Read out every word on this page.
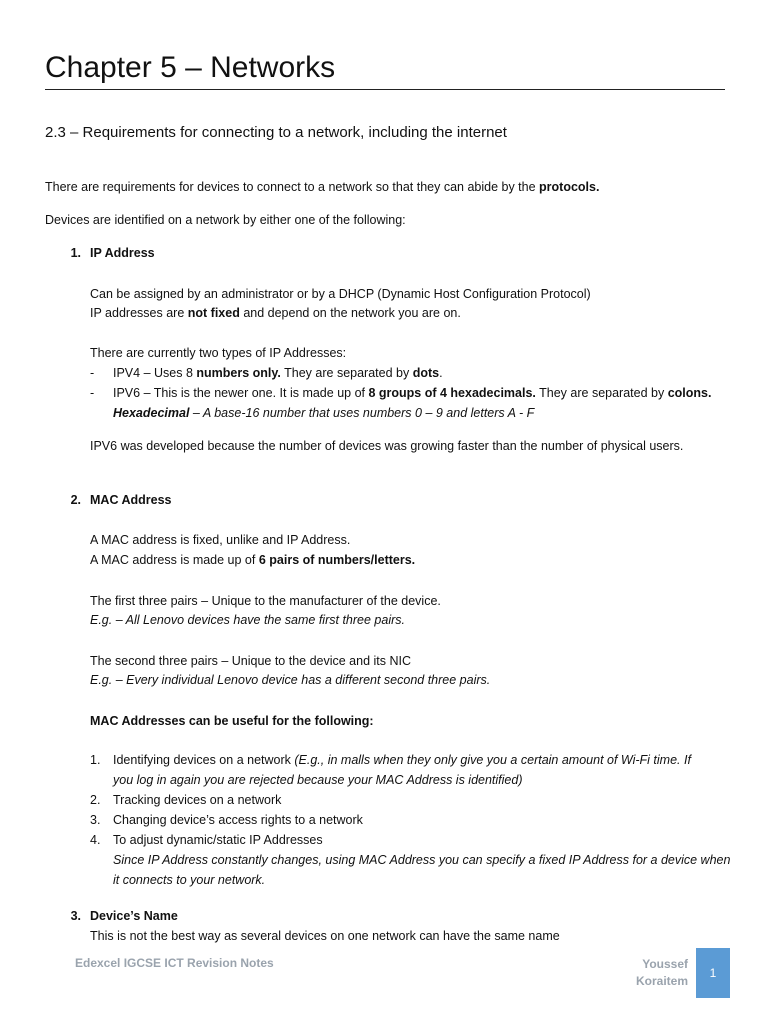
Chapter 5 – Networks
2.3 – Requirements for connecting to a network, including the internet
There are requirements for devices to connect to a network so that they can abide by the protocols.
Devices are identified on a network by either one of the following:
1. IP Address
Can be assigned by an administrator or by a DHCP (Dynamic Host Configuration Protocol)
IP addresses are not fixed and depend on the network you are on.
There are currently two types of IP Addresses:
- IPV4 – Uses 8 numbers only. They are separated by dots.
- IPV6 – This is the newer one. It is made up of 8 groups of 4 hexadecimals. They are separated by colons.
Hexadecimal – A base-16 number that uses numbers 0 – 9 and letters A - F
IPV6 was developed because the number of devices was growing faster than the number of physical users.
2. MAC Address
A MAC address is fixed, unlike and IP Address.
A MAC address is made up of 6 pairs of numbers/letters.
The first three pairs – Unique to the manufacturer of the device.
E.g. – All Lenovo devices have the same first three pairs.
The second three pairs – Unique to the device and its NIC
E.g. – Every individual Lenovo device has a different second three pairs.
MAC Addresses can be useful for the following:
1. Identifying devices on a network (E.g., in malls when they only give you a certain amount of Wi-Fi time. If
you log in again you are rejected because your MAC Address is identified)
2. Tracking devices on a network
3. Changing device’s access rights to a network
4. To adjust dynamic/static IP Addresses
Since IP Address constantly changes, using MAC Address you can specify a fixed IP Address for a device when
it connects to your network.
3. Device’s Name
This is not the best way as several devices on one network can have the same name
Edexcel IGCSE ICT Revision Notes	Youssef Koraitem
1
